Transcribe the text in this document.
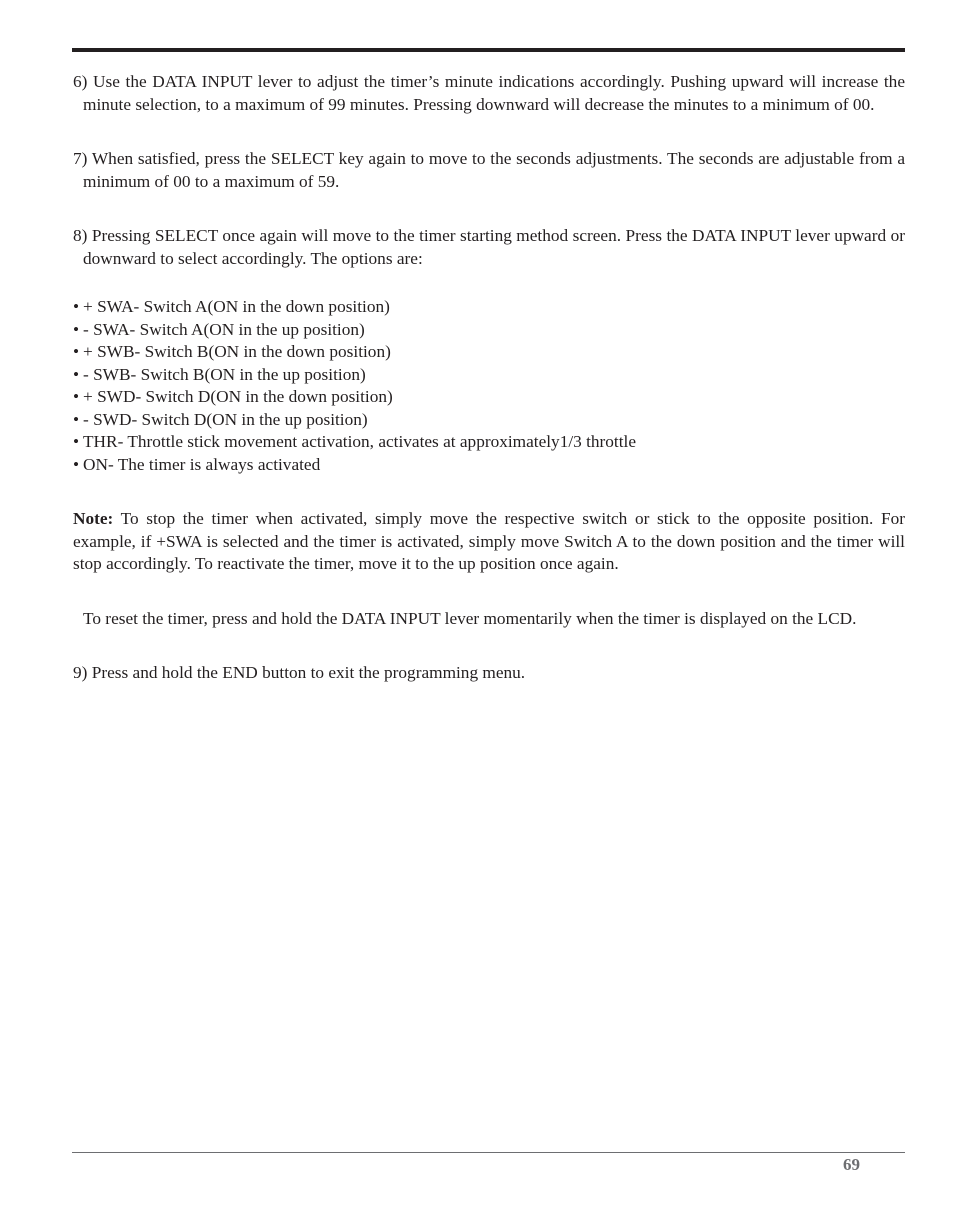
6) Use the DATA INPUT lever to adjust the timer’s minute indications accordingly. Pushing upward will increase the minute selection, to a maximum of 99 minutes. Pressing downward will decrease the minutes to a minimum of 00.

7) When satisfied, press the SELECT key again to move to the seconds adjustments. The seconds are adjustable from a minimum of 00 to a maximum of 59.

8) Pressing SELECT once again will move to the timer starting method screen. Press the DATA INPUT lever upward or downward to select accordingly. The options are:

• + SWA- Switch A(ON in the down position)
• - SWA- Switch A(ON in the up position)
• + SWB- Switch B(ON in the down position)
• - SWB- Switch B(ON in the up position)
• + SWD- Switch D(ON in the down position)
• - SWD- Switch D(ON in the up position)
• THR- Throttle stick movement activation, activates at approximately1/3 throttle
• ON- The timer is always activated

Note: To stop the timer when activated, simply move the respective switch or stick to the opposite position. For example, if +SWA is selected and the timer is activated, simply move Switch A to the down position and the timer will stop accordingly. To reactivate the timer, move it to the up position once again.

To reset the timer, press and hold the DATA INPUT lever momentarily when the timer is displayed on the LCD.

9) Press and hold the END button to exit the programming menu.

69
